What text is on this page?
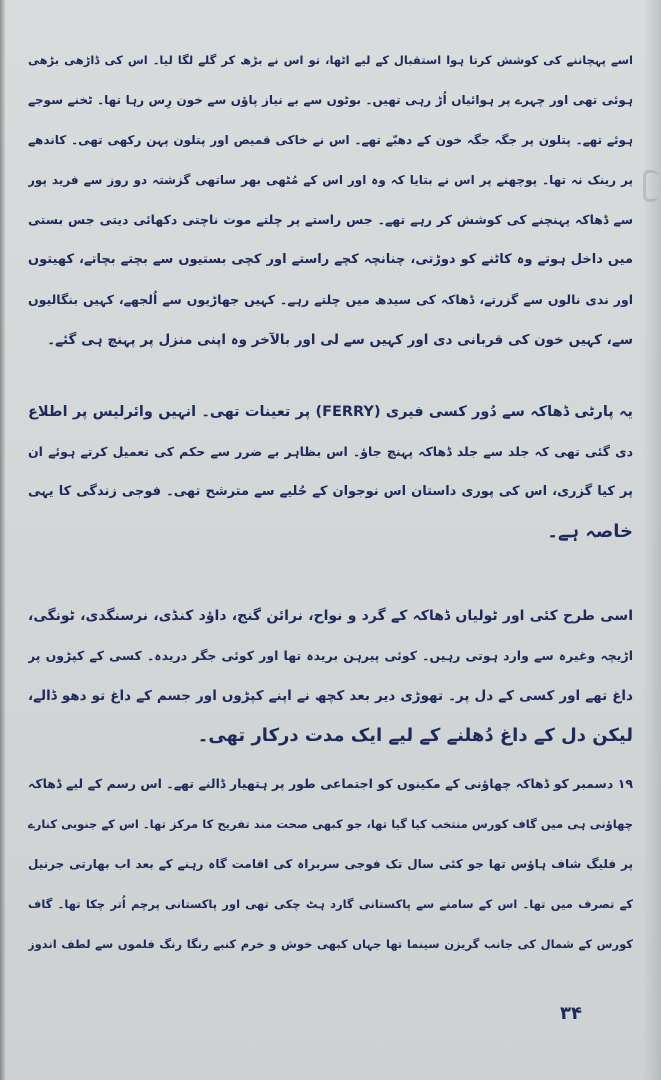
اسے پہچاننے کی کوشش کرتا ہوا استقبال کے لیے اٹھا، تو اس نے بڑھ کر گلے لگا لیا۔ اس کی ڈاڑھی بڑھی
ہوئی تھی اور چہرے پر ہوائیاں اُڑ رہی تھیں۔ بوٹوں سے بے نیاز پاؤں سے خون رِس رہا تھا۔ ٹخنے سوجے
ہوئے تھے۔ پتلون پر جگہ جگہ خون کے دھبّے تھے۔ اس نے خاکی قمیص اور پتلون پہن رکھی تھی۔ کاندھے
پر رینک نہ تھا۔ پوچھنے پر اس نے بتایا کہ وہ اور اس کے مُٹھی بھر ساتھی گزشتہ دو روز سے فرید پور
سے ڈھاکہ پہنچنے کی کوشش کر رہے تھے۔ جس راستے پر چلتے موت ناچتی دکھائی دیتی جس بستی
میں داخل ہوتے وہ کاٹنے کو دوڑتی، چنانچہ کچے راستے اور کچی بستیوں سے بچتے بچاتے، کھیتوں
اور ندی نالوں سے گزرتے، ڈھاکہ کی سیدھ میں چلتے رہے۔ کہیں جھاڑیوں سے اُلجھے، کہیں بنگالیوں
سے، کہیں خون کی قربانی دی اور کہیں سے لی اور بالآخر وہ اپنی منزل پر پہنچ ہی گئے۔
یہ پارٹی ڈھاکہ سے دُور کسی فیری (FERRY) پر تعینات تھی۔ انہیں وائرلیس پر اطلاع
دی گئی تھی کہ جلد سے جلد ڈھاکہ پہنچ جاؤ۔ اس بظاہر بے ضرر سے حکم کی تعمیل کرتے ہوئے ان
پر کیا گزری، اس کی پوری داستان اس نوجوان کے حُلیے سے مترشح تھی۔ فوجی زندگی کا یہی
خاصہ ہے۔
اسی طرح کئی اور ٹولیاں ڈھاکہ کے گرد و نواح، نرائن گنج، داؤد کنڈی، نرسنگدی، ٹونگی،
اڑیچہ وغیرہ سے وارد ہوتی رہیں۔ کوئی پیرہن بریدہ تھا اور کوئی جگر دریدہ۔ کسی کے کپڑوں پر
داغ تھے اور کسی کے دل پر۔ تھوڑی دیر بعد کچھ نے اپنے کپڑوں اور جسم کے داغ تو دھو ڈالے،
لیکن دل کے داغ دُھلنے کے لیے ایک مدت درکار تھی۔
۱۹ دسمبر کو ڈھاکہ چھاؤنی کے مکینوں کو اجتماعی طور پر ہتھیار ڈالنے تھے۔ اس رسم کے لیے ڈھاکہ
چھاؤنی ہی میں گاف کورس منتخب کیا گیا تھا، جو کبھی صحت مند تفریح کا مرکز تھا۔ اس کے جنوبی کنارے
پر فلیگ شاف ہاؤس تھا جو کئی سال تک فوجی سربراہ کی اقامت گاہ رہنے کے بعد اب بھارتی جرنیل
کے تصرف میں تھا۔ اس کے سامنے سے پاکستانی گارد ہٹ چکی تھی اور پاکستانی پرچم اُتر چکا تھا۔ گاف
کورس کے شمال کی جانب گریزن سینما تھا جہاں کبھی خوش و خرم کنبے رنگا رنگ فلموں سے لطف اندوز
۳۴
